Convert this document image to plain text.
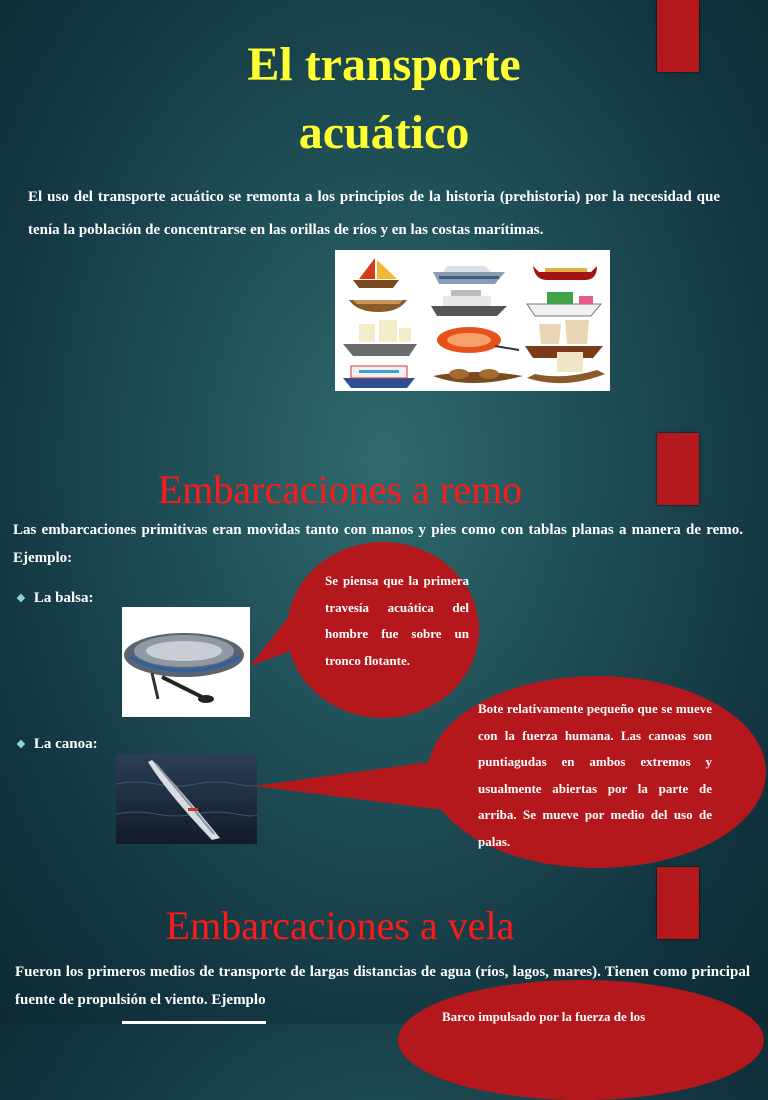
El transporte
acuático
El uso del transporte acuático se remonta a los principios de la historia (prehistoria) por la necesidad que tenía la población de concentrarse en las orillas de ríos y en las costas marítimas.
Embarcaciones a remo
Las embarcaciones primitivas eran movidas tanto con manos y pies como con tablas planas a manera de remo. Ejemplo:
❖ La balsa:
❖ La canoa:
Se piensa que la primera travesía acuática del hombre fue sobre un tronco flotante.
Bote relativamente pequeño que se mueve con la fuerza humana. Las canoas son puntiagudas en ambos extremos y usualmente abiertas por la parte de arriba. Se mueve por medio del uso de palas.
Embarcaciones a vela
Fueron los primeros medios de transporte de largas distancias de agua (ríos, lagos, mares). Tienen como principal fuente de propulsión el viento. Ejemplo
Barco impulsado por la fuerza de los
